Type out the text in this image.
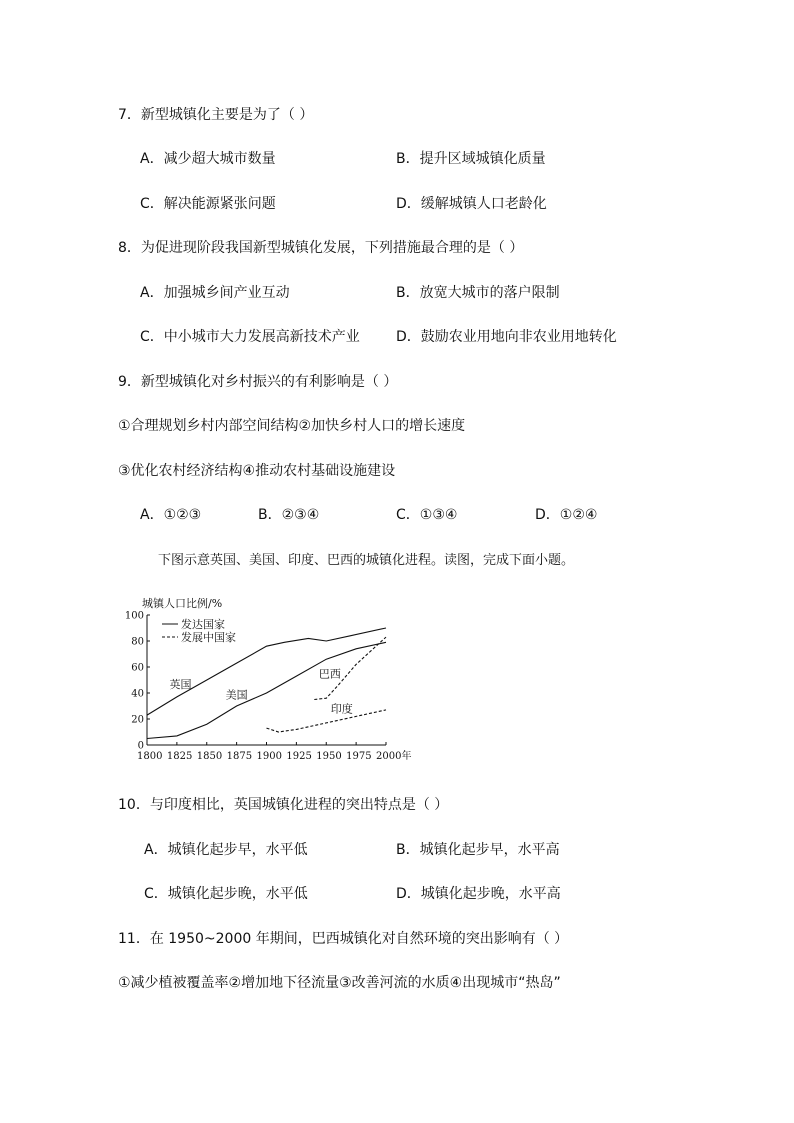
7．新型城镇化主要是为了（ ）
A．减少超大城市数量	B．提升区域城镇化质量
C．解决能源紧张问题	D．缓解城镇人口老龄化
8．为促进现阶段我国新型城镇化发展，下列措施最合理的是（ ）
A．加强城乡间产业互动	B．放宽大城市的落户限制
C．中小城市大力发展高新技术产业	D．鼓励农业用地向非农业用地转化
9．新型城镇化对乡村振兴的有利影响是（ ）
①合理规划乡村内部空间结构②加快乡村人口的增长速度
③优化农村经济结构④推动农村基础设施建设
A．①②③	B．②③④	C．①③④	D．①②④
下图示意英国、美国、印度、巴西的城镇化进程。读图，完成下面小题。
城镇人口比例/%
0
20
40
60
80
100
1800 1825 1850 1875 1900 1925 1950 1975 2000年
英国
美国
巴西
印度
发达国家
发展中国家
10．与印度相比，英国城镇化进程的突出特点是（ ）
A．城镇化起步早，水平低	B．城镇化起步早，水平高
C．城镇化起步晚，水平低	D．城镇化起步晚，水平高
11．在 1950~2000 年期间，巴西城镇化对自然环境的突出影响有（ ）
①减少植被覆盖率②增加地下径流量③改善河流的水质④出现城市“热岛”
